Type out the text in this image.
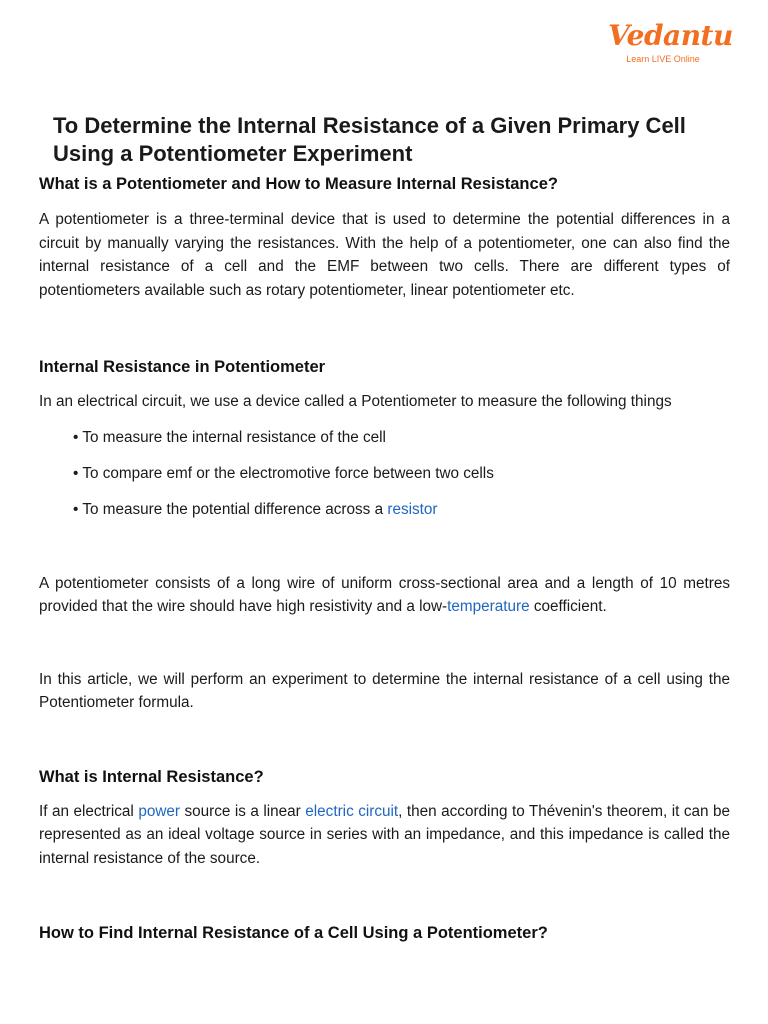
Vedantu
Learn LIVE Online
To Determine the Internal Resistance of a Given Primary Cell Using a Potentiometer Experiment
What is a Potentiometer and How to Measure Internal Resistance?

A potentiometer is a three-terminal device that is used to determine the potential differences in a circuit by manually varying the resistances. With the help of a potentiometer, one can also find the internal resistance of a cell and the EMF between two cells. There are different types of potentiometers available such as rotary potentiometer, linear potentiometer etc.

Internal Resistance in Potentiometer

In an electrical circuit, we use a device called a Potentiometer to measure the following things

• To measure the internal resistance of the cell
• To compare emf or the electromotive force between two cells
• To measure the potential difference across a resistor

A potentiometer consists of a long wire of uniform cross-sectional area and a length of 10 metres provided that the wire should have high resistivity and a low-temperature coefficient.

In this article, we will perform an experiment to determine the internal resistance of a cell using the Potentiometer formula.

What is Internal Resistance?

If an electrical power source is a linear electric circuit, then according to Thévenin's theorem, it can be represented as an ideal voltage source in series with an impedance, and this impedance is called the internal resistance of the source.

How to Find Internal Resistance of a Cell Using a Potentiometer?
